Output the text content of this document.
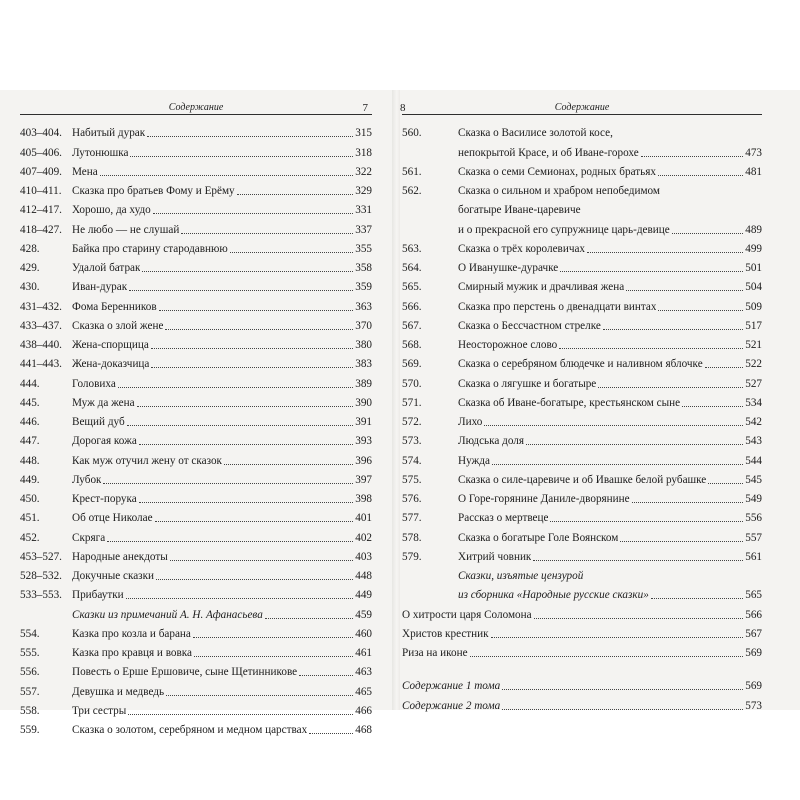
Содержание	7
403–404. Набитый дурак	315
405–406. Лутонюшка	318
407–409. Мена	322
410–411. Сказка про братьев Фому и Ерёму	329
412–417. Хорошо, да худо	331
418–427. Не любо — не слушай	337
428.	Байка про старину стародавнюю	355
429.	Удалой батрак	358
430.	Иван-дурак	359
431–432. Фома Беренников	363
433–437. Сказка о злой жене	370
438–440. Жена-спорщица	380
441–443. Жена-доказчица	383
444.	Головиха	389
445.	Муж да жена	390
446.	Вещий дуб	391
447.	Дорогая кожа	393
448.	Как муж отучил жену от сказок	396
449.	Лубок	397
450.	Крест-порука	398
451.	Об отце Николае	401
452.	Скряга	402
453–527. Народные анекдоты	403
528–532. Докучные сказки	448
533–553. Прибаутки	449
Сказки из примечаний А. Н. Афанасьева	459
554.	Казка про козла и барана	460
555.	Казка про кравця и вовка	461
556.	Повесть о Ерше Ершовиче, сыне Щетинникове	463
557.	Девушка и медведь	465
558.	Три сестры	466
559.	Сказка о золотом, серебряном и медном царствах	468
8	Содержание
560.	Сказка о Василисе золотой косе,
непокрытой Красе, и об Иване-горохе	473
561.	Сказка о семи Семионах, родных братьях	481
562.	Сказка о сильном и храбром непобедимом
богатыре Иване-царевиче
и о прекрасной его супружнице царь-девице	489
563.	Сказка о трёх королевичах	499
564.	О Иванушке-дурачке	501
565.	Смирный мужик и драчливая жена	504
566.	Сказка про перстень о двенадцати винтах	509
567.	Сказка о Бессчастном стрелке	517
568.	Неосторожное слово	521
569.	Сказка о серебряном блюдечке и наливном яблочке	522
570.	Сказка о лягушке и богатыре	527
571.	Сказка об Иване-богатыре, крестьянском сыне	534
572.	Лихо	542
573.	Людська доля	543
574.	Нужда	544
575.	Сказка о силе-царевиче и об Ивашке белой рубашке	545
576.	О Горе-горянине Даниле-дворянине	549
577.	Рассказ о мертвеце	556
578.	Сказка о богатыре Голе Воянском	557
579.	Хитрий човник	561
Сказки, изъятые цензурой
из сборника «Народные русские сказки»	565
О хитрости царя Соломона	566
Христов крестник	567
Риза на иконе	569
Содержание 1 тома	569
Содержание 2 тома	573
